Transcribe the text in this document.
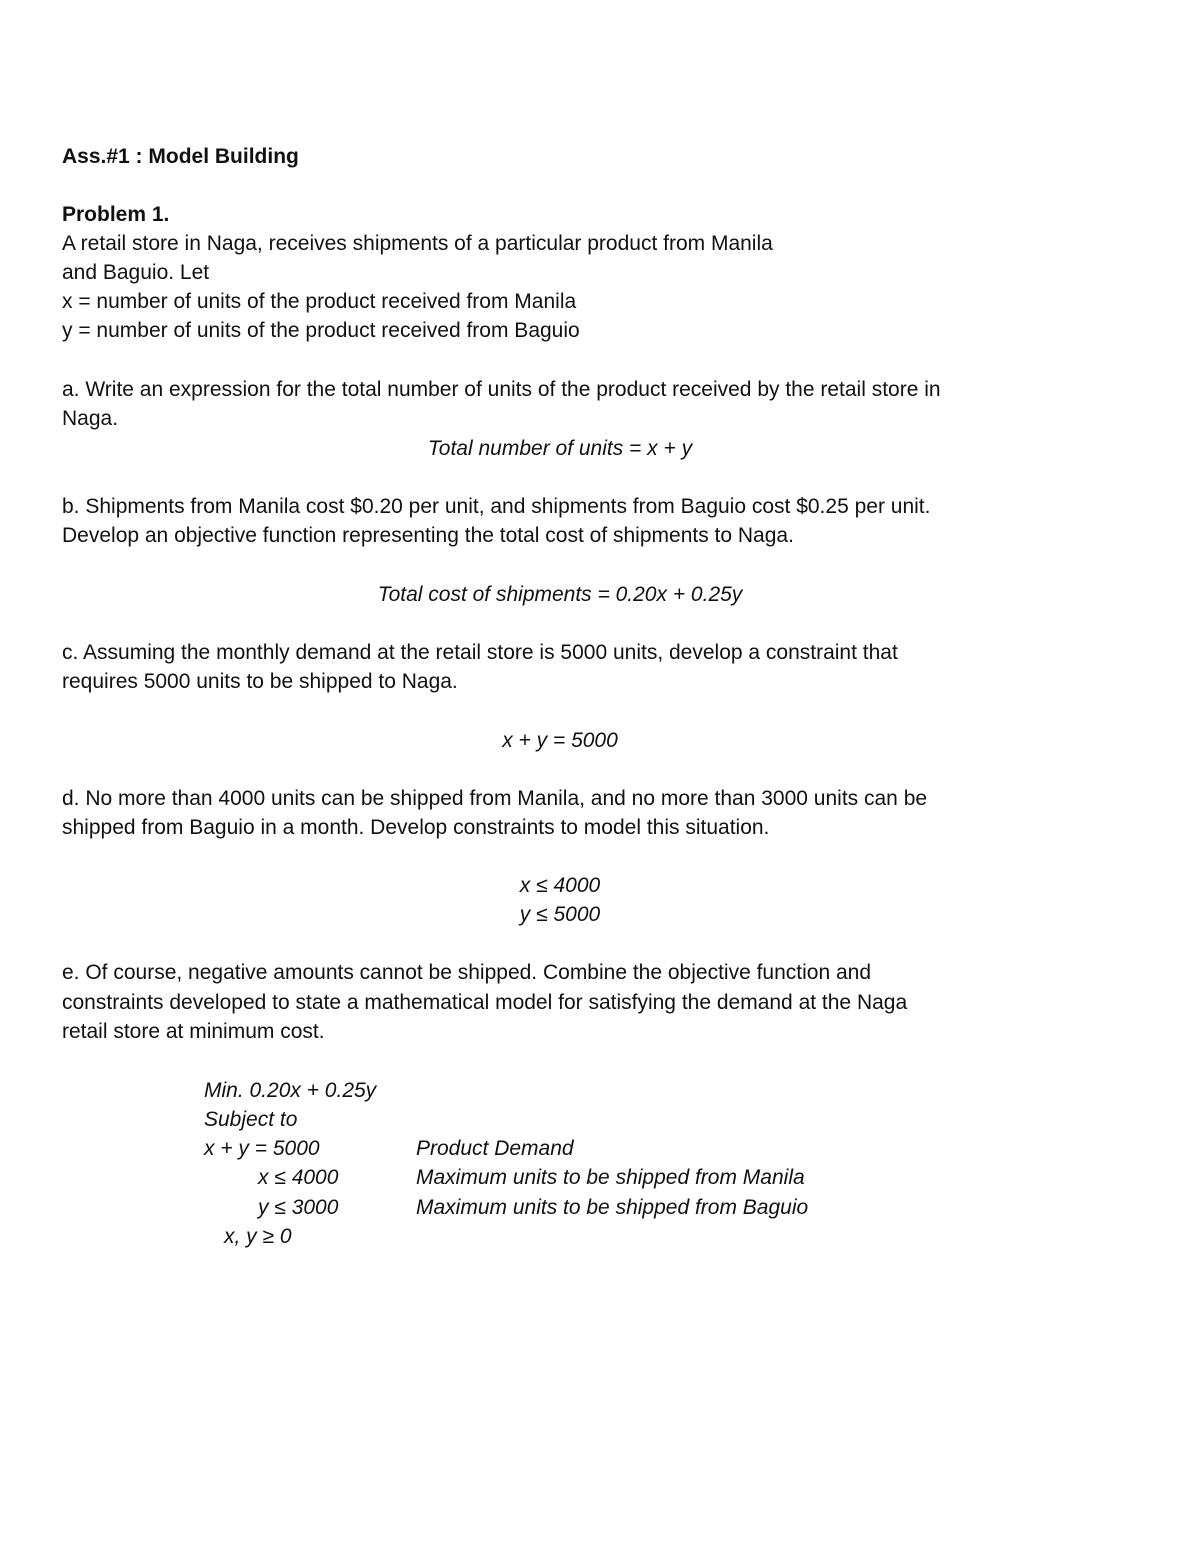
Ass.#1 : Model Building
Problem 1.
A retail store in Naga, receives shipments of a particular product from Manila
and Baguio. Let
x = number of units of the product received from Manila
y = number of units of the product received from Baguio
a. Write an expression for the total number of units of the product received by the retail store in
Naga.
Total number of units = x + y
b. Shipments from Manila cost $0.20 per unit, and shipments from Baguio cost $0.25 per unit.
Develop an objective function representing the total cost of shipments to Naga.
Total cost of shipments = 0.20x + 0.25y
c. Assuming the monthly demand at the retail store is 5000 units, develop a constraint that
requires 5000 units to be shipped to Naga.
x + y = 5000
d. No more than 4000 units can be shipped from Manila, and no more than 3000 units can be
shipped from Baguio in a month. Develop constraints to model this situation.
x ≤ 4000
y ≤ 5000
e. Of course, negative amounts cannot be shipped. Combine the objective function and
constraints developed to state a mathematical model for satisfying the demand at the Naga
retail store at minimum cost.
Min. 0.20x + 0.25y
Subject to
x + y = 5000	Product Demand
x ≤ 4000	Maximum units to be shipped from Manila
y ≤ 3000	Maximum units to be shipped from Baguio
x, y ≥ 0
